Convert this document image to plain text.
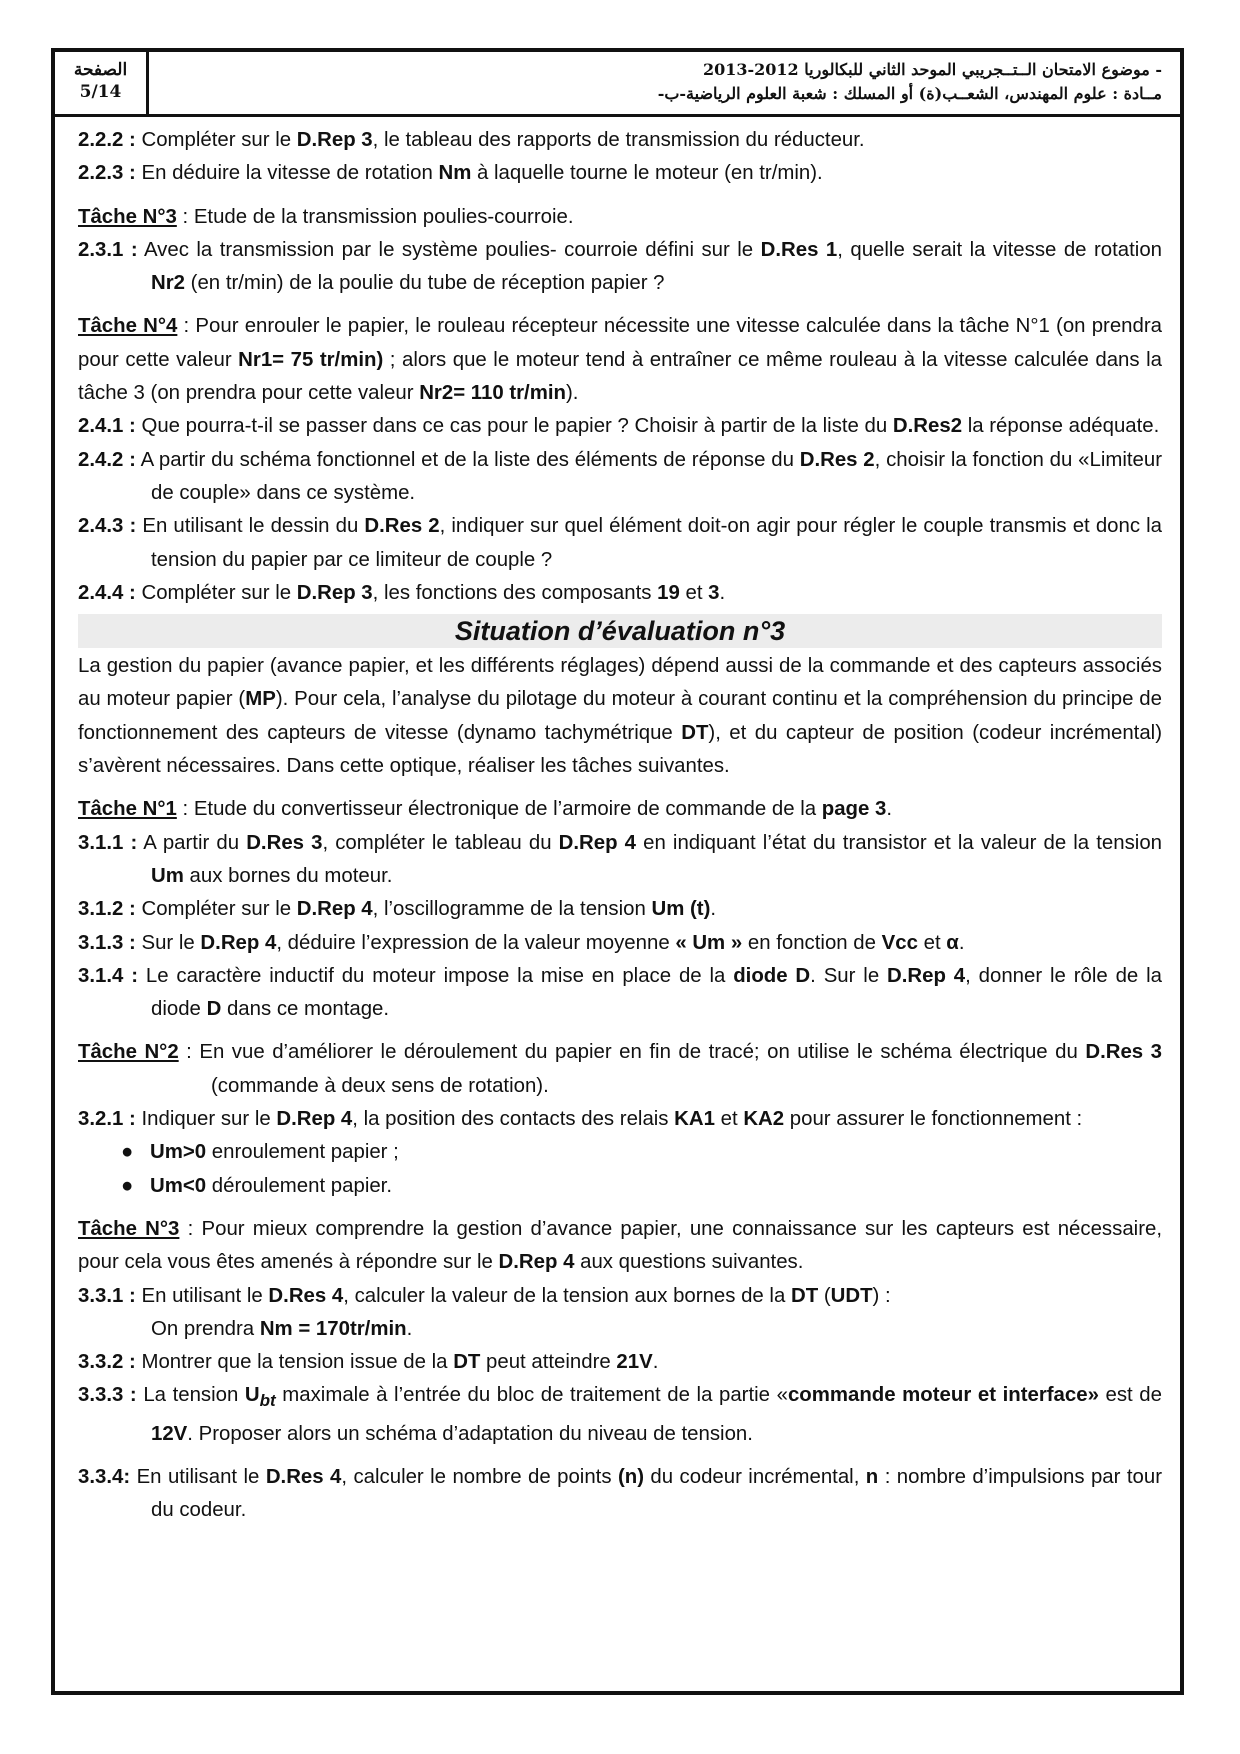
الصفحة
5/14
- موضوع الامتحان الــتــجريبي الموحد الثاني للبكالوريا 2012-2013
مــادة : علوم المهندس، الشعــب(ة) أو المسلك : شعبة العلوم الرياضية-ب-

2.2.2 : Compléter sur le D.Rep 3, le tableau des rapports de transmission du réducteur.

2.2.3 : En déduire la vitesse de rotation Nm à laquelle tourne le moteur (en tr/min).

Tâche N°3 : Etude de la transmission poulies-courroie.

2.3.1 : Avec la transmission par le système poulies- courroie défini sur le D.Res 1, quelle serait la vitesse de rotation Nr2 (en tr/min) de la poulie du tube de réception papier ?

Tâche N°4 : Pour enrouler le papier, le rouleau récepteur nécessite une vitesse calculée dans la tâche N°1 (on prendra pour cette valeur Nr1= 75 tr/min) ; alors que le moteur tend à entraîner ce même rouleau à la vitesse calculée dans la tâche 3 (on prendra pour cette valeur Nr2= 110 tr/min).

2.4.1 : Que pourra-t-il se passer dans ce cas pour le papier ? Choisir à partir de la liste du D.Res2 la réponse adéquate.

2.4.2 : A partir du schéma fonctionnel et de la liste des éléments de réponse du D.Res 2, choisir la fonction du «Limiteur de couple» dans ce système.

2.4.3 : En utilisant le dessin du D.Res 2, indiquer sur quel élément doit-on agir pour régler le couple transmis et donc la tension du papier par ce limiteur de couple ?

2.4.4 : Compléter sur le D.Rep 3, les fonctions des composants 19 et 3.

Situation d’évaluation n°3

La gestion du papier (avance papier, et les différents réglages) dépend aussi de la commande et des capteurs associés au moteur papier (MP). Pour cela, l’analyse du pilotage du moteur à courant continu et la compréhension du principe de fonctionnement des capteurs de vitesse (dynamo tachymétrique DT), et du capteur de position (codeur incrémental) s’avèrent nécessaires. Dans cette optique, réaliser les tâches suivantes.

Tâche N°1 : Etude du convertisseur électronique de l’armoire de commande de la page 3.

3.1.1 : A partir du D.Res 3, compléter le tableau du D.Rep 4 en indiquant l’état du transistor et la valeur de la tension Um aux bornes du moteur.

3.1.2 : Compléter sur le D.Rep 4, l’oscillogramme de la tension Um (t).

3.1.3 : Sur le D.Rep 4, déduire l’expression de la valeur moyenne « Um » en fonction de Vcc et α.

3.1.4 : Le caractère inductif du moteur impose la mise en place de la diode D. Sur le D.Rep 4, donner le rôle de la diode D dans ce montage.

Tâche N°2 : En vue d’améliorer le déroulement du papier en fin de tracé; on utilise le schéma électrique du D.Res 3 (commande à deux sens de rotation).

3.2.1 : Indiquer sur le D.Rep 4, la position des contacts des relais KA1 et KA2 pour assurer le fonctionnement :

● Um>0 enroulement papier ;
● Um<0 déroulement papier.

Tâche N°3 : Pour mieux comprendre la gestion d’avance papier, une connaissance sur les capteurs est nécessaire, pour cela vous êtes amenés à répondre sur le D.Rep 4 aux questions suivantes.

3.3.1 : En utilisant le D.Res 4, calculer la valeur de la tension aux bornes de la DT (UDT) :
On prendra Nm = 170tr/min.

3.3.2 : Montrer que la tension issue de la DT peut atteindre 21V.

3.3.3 : La tension $U_{bt}$ maximale à l’entrée du bloc de traitement de la partie «commande moteur et interface» est de 12V. Proposer alors un schéma d’adaptation du niveau de tension.

3.3.4: En utilisant le D.Res 4, calculer le nombre de points (n) du codeur incrémental, n : nombre d’impulsions par tour du codeur.
